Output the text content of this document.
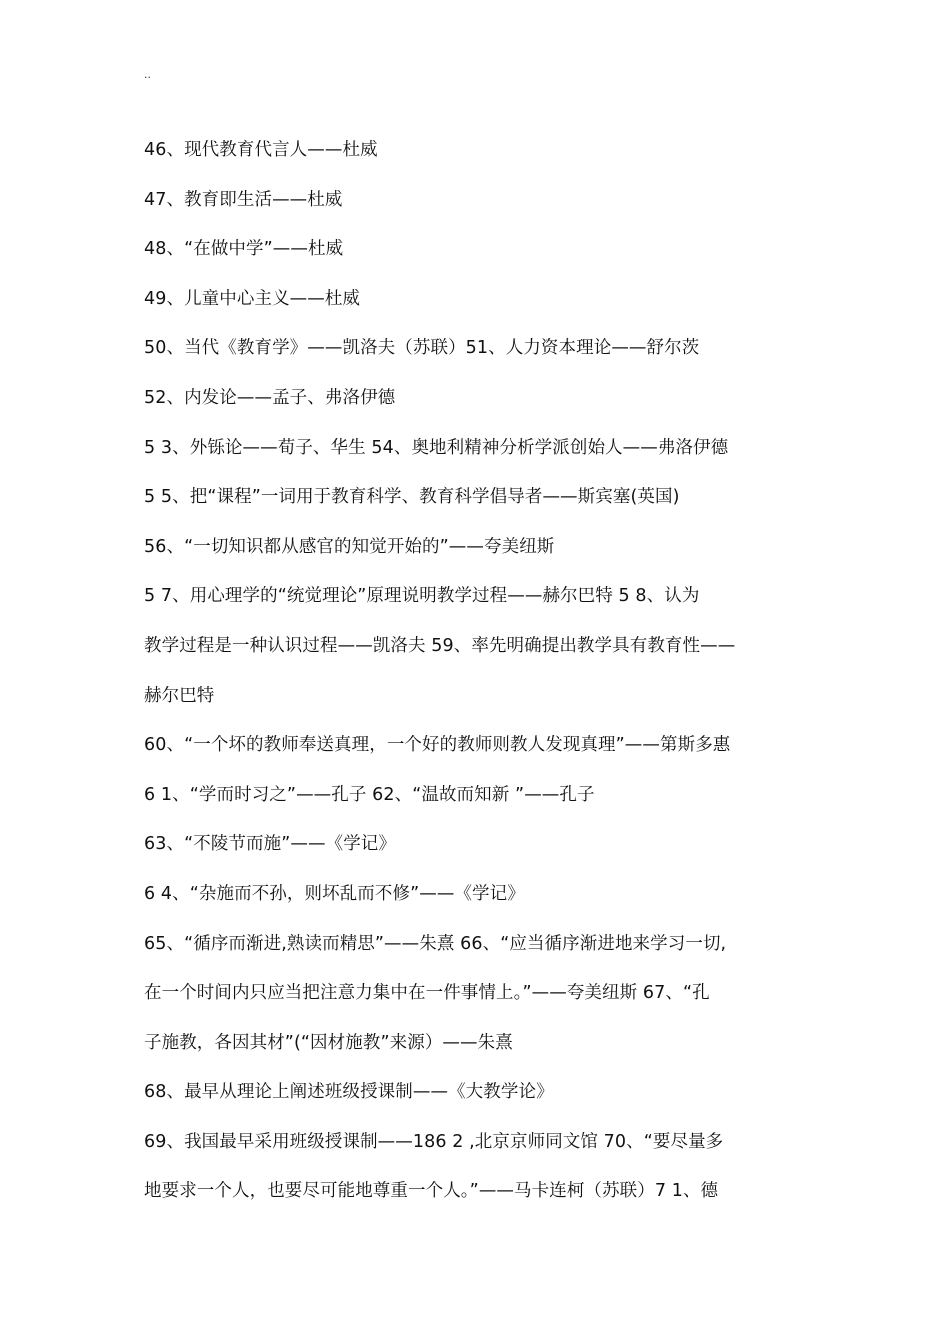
..
46、现代教育代言人——杜威
47、教育即生活——杜威
48、“在做中学”——杜威
49、儿童中心主义——杜威
50、当代《教育学》——凯洛夫（苏联）51、人力资本理论——舒尔茨
52、内发论——孟子、弗洛伊德
5 3、外铄论——荀子、华生 54、奥地利精神分析学派创始人——弗洛伊德
5 5、把“课程”一词用于教育科学、教育科学倡导者——斯宾塞(英国)
56、“一切知识都从感官的知觉开始的”——夸美纽斯
5 7、用心理学的“统觉理论”原理说明教学过程——赫尔巴特 5 8、认为
教学过程是一种认识过程——凯洛夫 59、率先明确提出教学具有教育性——
赫尔巴特
60、“一个坏的教师奉送真理，一个好的教师则教人发现真理”——第斯多惠
6 1、“学而时习之”——孔子 62、“温故而知新 ”——孔子
63、“不陵节而施”——《学记》
6 4、“杂施而不孙，则坏乱而不修”——《学记》
65、“循序而渐进,熟读而精思”——朱熹 66、“应当循序渐进地来学习一切,
在一个时间内只应当把注意力集中在一件事情上。”——夸美纽斯 67、“孔
子施教，各因其材”(“因材施教”来源）——朱熹
68、最早从理论上阐述班级授课制——《大教学论》
69、我国最早采用班级授课制——186 2 ,北京京师同文馆 70、“要尽量多
地要求一个人，也要尽可能地尊重一个人。”——马卡连柯（苏联）7 1、德
